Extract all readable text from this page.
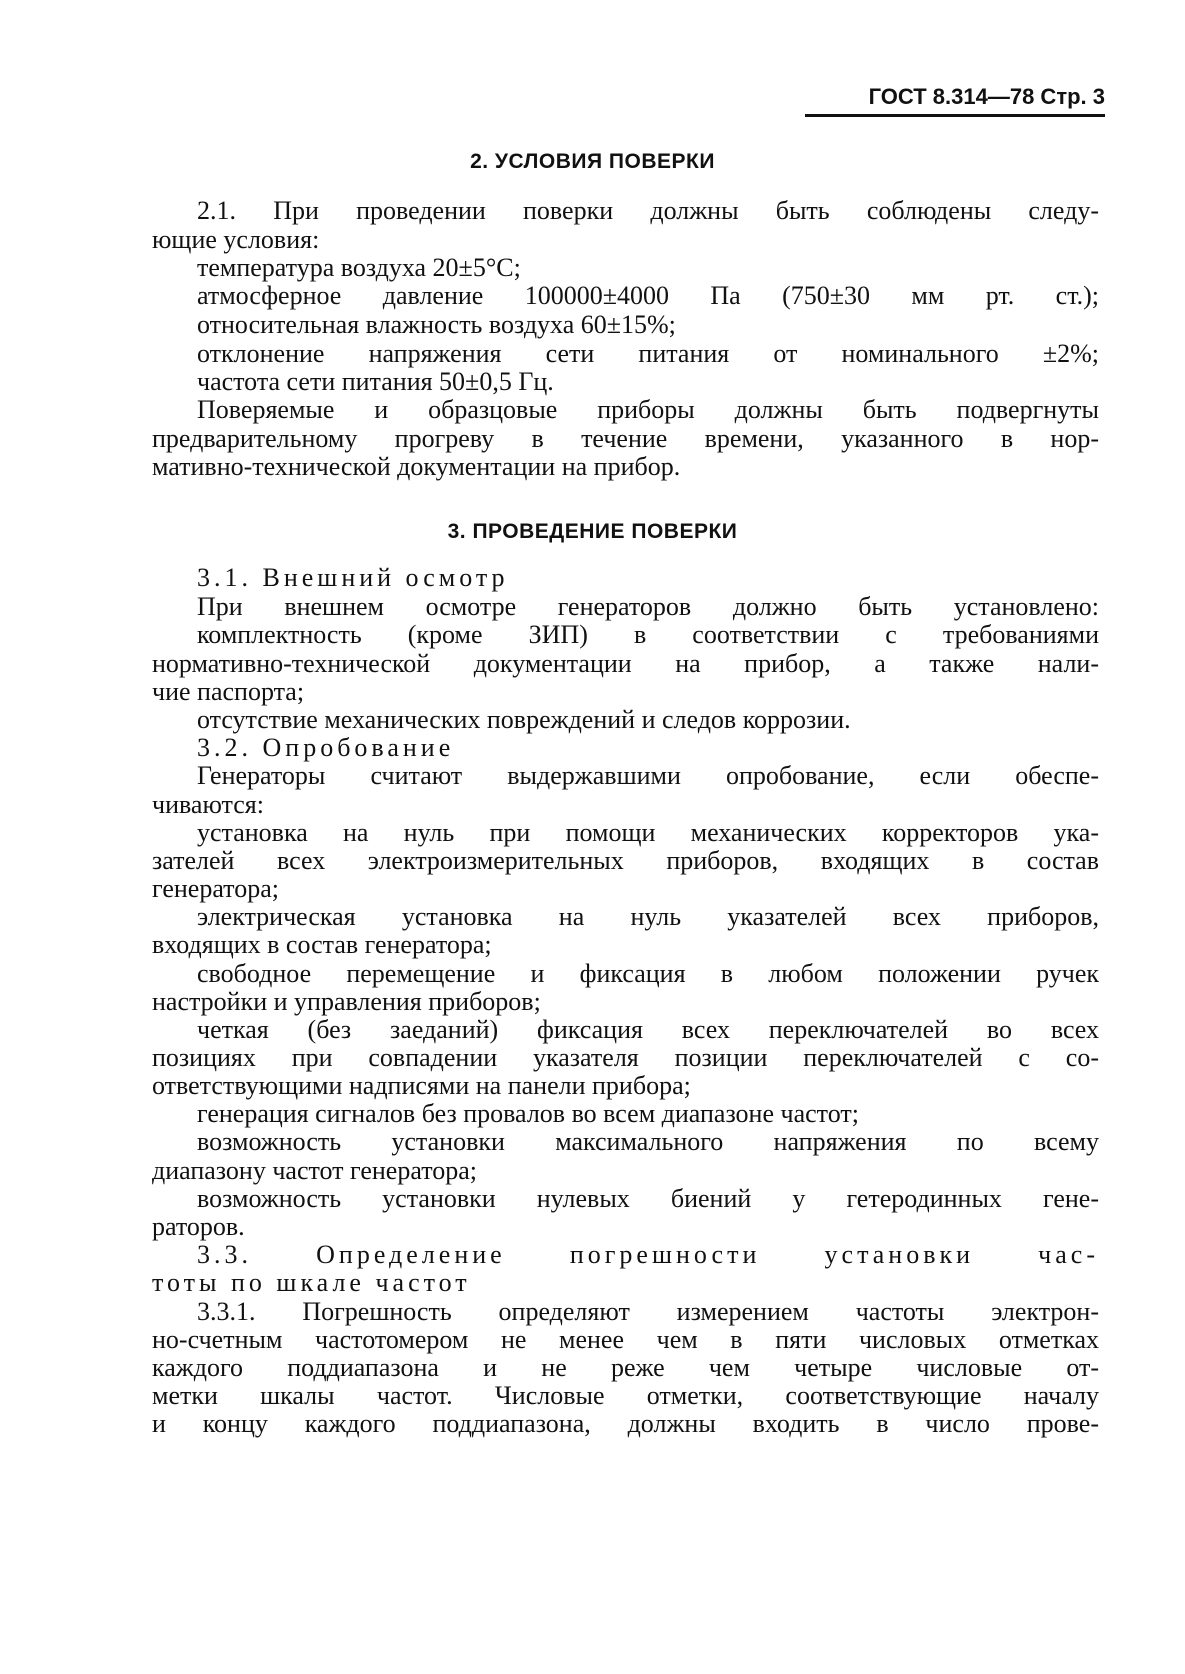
ГОСТ 8.314—78 Стр. 3
2. УСЛОВИЯ ПОВЕРКИ
2.1. При проведении поверки должны быть соблюдены следу-
ющие условия:
температура воздуха 20±5°С;
атмосферное давление 100000±4000 Па (750±30 мм рт. ст.);
относительная влажность воздуха 60±15%;
отклонение напряжения сети питания от номинального ±2%;
частота сети питания 50±0,5 Гц.
Поверяемые и образцовые приборы должны быть подвергнуты
предварительному прогреву в течение времени, указанного в нор-
мативно-технической документации на прибор.
3. ПРОВЕДЕНИЕ ПОВЕРКИ
3.1. Внешний осмотр
При внешнем осмотре генераторов должно быть установлено:
комплектность (кроме ЗИП) в соответствии с требованиями
нормативно-технической документации на прибор, а также нали-
чие паспорта;
отсутствие механических повреждений и следов коррозии.
3.2. Опробование
Генераторы считают выдержавшими опробование, если обеспе-
чиваются:
установка на нуль при помощи механических корректоров ука-
зателей всех электроизмерительных приборов, входящих в состав
генератора;
электрическая установка на нуль указателей всех приборов,
входящих в состав генератора;
свободное перемещение и фиксация в любом положении ручек
настройки и управления приборов;
четкая (без заеданий) фиксация всех переключателей во всех
позициях при совпадении указателя позиции переключателей с со-
ответствующими надписями на панели прибора;
генерация сигналов без провалов во всем диапазоне частот;
возможность установки максимального напряжения по всему
диапазону частот генератора;
возможность установки нулевых биений у гетеродинных гене-
раторов.
3.3. Определение погрешности установки час-
тоты по шкале частот
3.3.1. Погрешность определяют измерением частоты электрон-
но-счетным частотомером не менее чем в пяти числовых отметках
каждого поддиапазона и не реже чем четыре числовые от-
метки шкалы частот. Числовые отметки, соответствующие началу
и концу каждого поддиапазона, должны входить в число прове-
